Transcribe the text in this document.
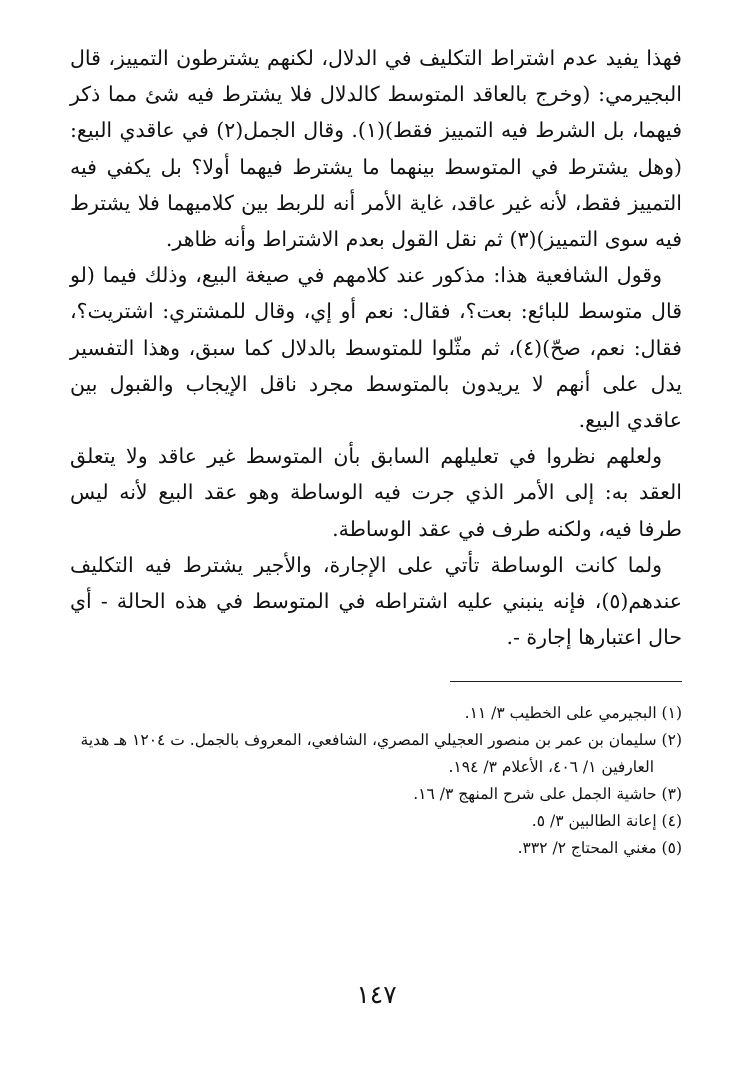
فهذا يفيد عدم اشتراط التكليف في الدلال، لكنهم يشترطون التمييز، قال البجيرمي: (وخرج بالعاقد المتوسط كالدلال فلا يشترط فيه شئ مما ذكر فيهما، بل الشرط فيه التمييز فقط)(١). وقال الجمل(٢) في عاقدي البيع: (وهل يشترط في المتوسط بينهما ما يشترط فيهما أولا؟ بل يكفي فيه التمييز فقط، لأنه غير عاقد، غاية الأمر أنه للربط بين كلاميهما فلا يشترط فيه سوى التمييز)(٣) ثم نقل القول بعدم الاشتراط وأنه ظاهر.

وقول الشافعية هذا: مذكور عند كلامهم في صيغة البيع، وذلك فيما (لو قال متوسط للبائع: بعت؟، فقال: نعم أو إي، وقال للمشتري: اشتريت؟، فقال: نعم، صحّ)(٤)، ثم مثّلوا للمتوسط بالدلال كما سبق، وهذا التفسير يدل على أنهم لا يريدون بالمتوسط مجرد ناقل الإيجاب والقبول بين عاقدي البيع.

ولعلهم نظروا في تعليلهم السابق بأن المتوسط غير عاقد ولا يتعلق العقد به: إلى الأمر الذي جرت فيه الوساطة وهو عقد البيع لأنه ليس طرفا فيه، ولكنه طرف في عقد الوساطة.

ولما كانت الوساطة تأتي على الإجارة، والأجير يشترط فيه التكليف عندهم(٥)، فإنه ينبني عليه اشتراطه في المتوسط في هذه الحالة - أي حال اعتبارها إجارة -.

(١) البجيرمي على الخطيب ٣/ ١١.

(٢) سليمان بن عمر بن منصور العجيلي المصري، الشافعي، المعروف بالجمل. ت ١٢٠٤ هـ هدية

العارفين ١/ ٤٠٦، الأعلام ٣/ ١٩٤.

(٣) حاشية الجمل على شرح المنهج ٣/ ١٦.

(٤) إعانة الطالبين ٣/ ٥.

(٥) مغني المحتاج ٢/ ٣٣٢.

١٤٧
